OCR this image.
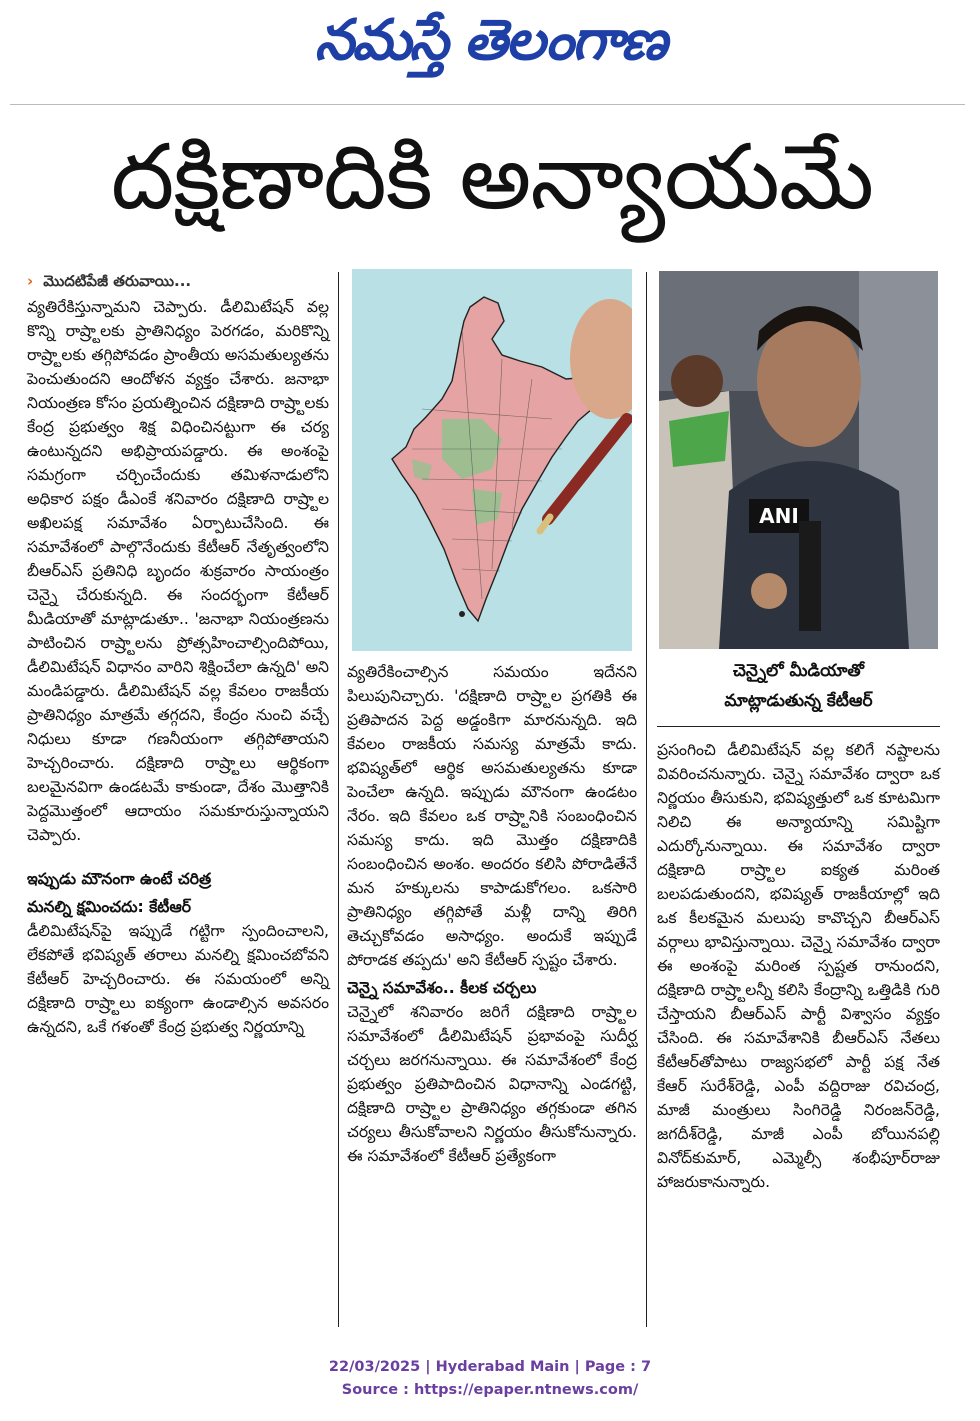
నమస్తే తెలంగాణ
దక్షిణాదికి అన్యాయమే
› మొదటిపేజీ తరువాయి...

వ్యతిరేకిస్తున్నామని చెప్పారు. డీలిమిటేషన్ వల్ల కొన్ని రాష్ర్టాలకు ప్రాతినిధ్యం పెరగడం, మరికొన్ని రాష్ర్టాలకు తగ్గిపోవడం ప్రాంతీయ అసమతుల్యతను పెంచుతుందని ఆందోళన వ్యక్తం చేశారు. జనాభా నియంత్రణ కోసం ప్రయత్నించిన దక్షిణాది రాష్ర్టాలకు కేంద్ర ప్రభుత్వం శిక్ష విధించినట్టుగా ఈ చర్య ఉంటున్నదని అభిప్రాయపడ్డారు. ఈ అంశంపై సమగ్రంగా చర్చించేందుకు తమిళనాడులోని అధికార పక్షం డీఎంకే శనివారం దక్షిణాది రాష్ర్టాల అఖిలపక్ష సమావేశం ఏర్పాటుచేసింది. ఈ సమావేశంలో పాల్గొనేందుకు కేటీఆర్ నేతృత్వంలోని బీఆర్ఎస్ ప్రతినిధి బృందం శుక్రవారం సాయంత్రం చెన్నై చేరుకున్నది. ఈ సందర్భంగా కేటీఆర్ మీడియాతో మాట్లాడుతూ.. 'జనాభా నియంత్రణను పాటించిన రాష్ర్టాలను ప్రోత్సహించాల్సిందిపోయి, డీలిమిటేషన్ విధానం వారిని శిక్షించేలా ఉన్నది' అని మండిపడ్డారు. డీలిమిటేషన్ వల్ల కేవలం రాజకీయ ప్రాతినిధ్యం మాత్రమే తగ్గదని, కేంద్రం నుంచి వచ్చే నిధులు కూడా గణనీయంగా తగ్గిపోతాయని హెచ్చరించారు. దక్షిణాది రాష్ర్టాలు ఆర్థికంగా బలమైనవిగా ఉండటమే కాకుండా, దేశం మొత్తానికి పెద్దమొత్తంలో ఆదాయం సమకూరుస్తున్నాయని చెప్పారు.

ఇప్పుడు మౌనంగా ఉంటే చరిత్ర
మనల్ని క్షమించదు: కేటీఆర్

డీలిమిటేషన్‌పై ఇప్పుడే గట్టిగా స్పందించాలని, లేకపోతే భవిష్యత్ తరాలు మనల్ని క్షమించబోవని కేటీఆర్ హెచ్చరించారు. ఈ సమయంలో అన్ని దక్షిణాది రాష్ర్టాలు ఐక్యంగా ఉండాల్సిన అవసరం ఉన్నదని, ఒకే గళంతో కేంద్ర ప్రభుత్వ నిర్ణయాన్ని

ANI
చెన్నైలో మీడియాతో
మాట్లాడుతున్న కేటీఆర్

వ్యతిరేకించాల్సిన సమయం ఇదేనని పిలుపునిచ్చారు. 'దక్షిణాది రాష్ర్టాల ప్రగతికి ఈ ప్రతిపాదన పెద్ద అడ్డంకిగా మారనున్నది. ఇది కేవలం రాజకీయ సమస్య మాత్రమే కాదు. భవిష్యత్‌లో ఆర్థిక అసమతుల్యతను కూడా పెంచేలా ఉన్నది. ఇప్పుడు మౌనంగా ఉండటం నేరం. ఇది కేవలం ఒక రాష్ర్టానికి సంబంధించిన సమస్య కాదు. ఇది మొత్తం దక్షిణాదికి సంబంధించిన అంశం. అందరం కలిసి పోరాడితేనే మన హక్కులను కాపాడుకోగలం. ఒకసారి ప్రాతినిధ్యం తగ్గిపోతే మళ్లీ దాన్ని తిరిగి తెచ్చుకోవడం అసాధ్యం. అందుకే ఇప్పుడే పోరాడక తప్పదు' అని కేటీఆర్ స్పష్టం చేశారు.

చెన్నై సమావేశం.. కీలక చర్చలు

చెన్నైలో శనివారం జరిగే దక్షిణాది రాష్ర్టాల సమావేశంలో డీలిమిటేషన్ ప్రభావంపై సుదీర్ఘ చర్చలు జరగనున్నాయి. ఈ సమావేశంలో కేంద్ర ప్రభుత్వం ప్రతిపాదించిన విధానాన్ని ఎండగట్టి, దక్షిణాది రాష్ర్టాల ప్రాతినిధ్యం తగ్గకుండా తగిన చర్యలు తీసుకోవాలని నిర్ణయం తీసుకోనున్నారు. ఈ సమావేశంలో కేటీఆర్ ప్రత్యేకంగా

ప్రసంగించి డీలిమిటేషన్ వల్ల కలిగే నష్టాలను వివరించనున్నారు. చెన్నై సమావేశం ద్వారా ఒక నిర్ణయం తీసుకుని, భవిష్యత్తులో ఒక కూటమిగా నిలిచి ఈ అన్యాయాన్ని సమిష్టిగా ఎదుర్కోనున్నాయి. ఈ సమావేశం ద్వారా దక్షిణాది రాష్ర్టాల ఐక్యత మరింత బలపడుతుందని, భవిష్యత్ రాజకీయాల్లో ఇది ఒక కీలకమైన మలుపు కావొచ్చని బీఆర్ఎస్ వర్గాలు భావిస్తున్నాయి. చెన్నై సమావేశం ద్వారా ఈ అంశంపై మరింత స్పష్టత రానుందని, దక్షిణాది రాష్ర్టాలన్నీ కలిసి కేంద్రాన్ని ఒత్తిడికి గురి చేస్తాయని బీఆర్ఎస్ పార్టీ విశ్వాసం వ్యక్తం చేసింది. ఈ సమావేశానికి బీఆర్ఎస్ నేతలు కేటీఆర్‌తోపాటు రాజ్యసభలో పార్టీ పక్ష నేత కేఆర్ సురేశ్‌రెడ్డి, ఎంపీ వద్దిరాజు రవిచంద్ర, మాజీ మంత్రులు సింగిరెడ్డి నిరంజన్‌రెడ్డి, జగదీశ్‌రెడ్డి, మాజీ ఎంపీ బోయినపల్లి వినోద్‌కుమార్, ఎమ్మెల్సీ శంభీపూర్‌రాజు హాజరుకానున్నారు.

22/03/2025 | Hyderabad Main | Page : 7
Source : https://epaper.ntnews.com/
